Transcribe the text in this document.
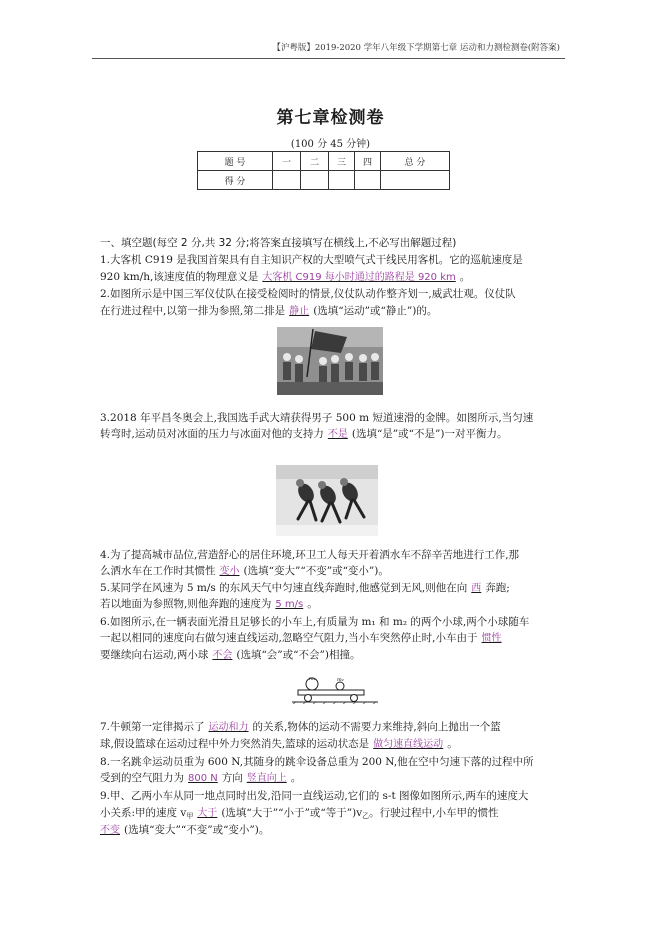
【沪粤版】2019-2020 学年八年级下学期第七章 运动和力测检测卷(附答案)
第七章检测卷
(100 分 45 分钟)
题 号	一	二	三	四	总 分
得 分					
一、填空题(每空 2 分,共 32 分;将答案直接填写在横线上,不必写出解题过程)
1.大客机 C919 是我国首架具有自主知识产权的大型喷气式干线民用客机。它的巡航速度是
920 km/h,该速度值的物理意义是 大客机 C919 每小时通过的路程是 920 km 。
2.如图所示是中国三军仪仗队在接受检阅时的情景,仪仗队动作整齐划一,威武壮观。仪仗队
在行进过程中,以第一排为参照,第二排是 静止 (选填“运动”或“静止”)的。
3.2018 年平昌冬奥会上,我国选手武大靖获得男子 500 m 短道速滑的金牌。如图所示,当匀速
转弯时,运动员对冰面的压力与冰面对他的支持力 不是 (选填“是”或“不是”)一对平衡力。
4.为了提高城市品位,营造舒心的居住环境,环卫工人每天开着洒水车不辞辛苦地进行工作,那
么洒水车在工作时其惯性 变小 (选填“变大”“不变”或“变小”)。
5.某同学在风速为 5 m/s 的东风天气中匀速直线奔跑时,他感觉到无风,则他在向 西 奔跑;
若以地面为参照物,则他奔跑的速度为 5 m/s 。
6.如图所示,在一辆表面光滑且足够长的小车上,有质量为 m₁ 和 m₂ 的两个小球,两个小球随车
一起以相同的速度向右做匀速直线运动,忽略空气阻力,当小车突然停止时,小车由于 惯性
要继续向右运动,两小球 不会 (选填“会”或“不会”)相撞。
m₁	m₂
7.牛顿第一定律揭示了 运动和力 的关系,物体的运动不需要力来维持,斜向上抛出一个篮
球,假设篮球在运动过程中外力突然消失,篮球的运动状态是 做匀速直线运动 。
8.一名跳伞运动员重为 600 N,其随身的跳伞设备总重为 200 N,他在空中匀速下落的过程中所
受到的空气阻力为 800 N 方向 竖直向上 。
9.甲、乙两小车从同一地点同时出发,沿同一直线运动,它们的 s-t 图像如图所示,两车的速度大
小关系:甲的速度 $v_甲$ 大于 (选填“大于”“小于”或“等于$”)v_乙$。行驶过程中,小车甲的惯性
不变 (选填“变大”“不变”或“变小”)。
